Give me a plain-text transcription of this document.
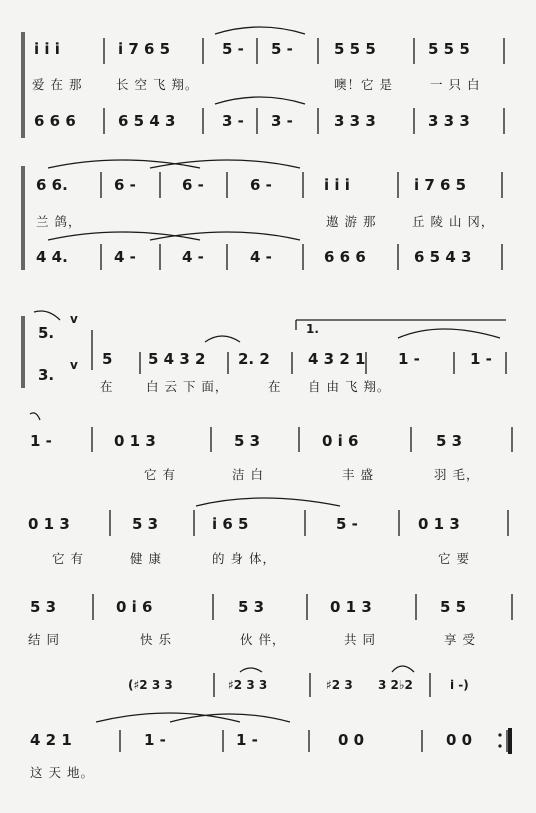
i̇ i̇ i̇	i̇ 7 6 5	5 - 5 -	5 5 5	5 5 5
爱 在 那	长 空 飞 翔。	噢！它 是	一 只 白
6 6 6	6 5 4 3	3 - 3 -	3 3 3	3 3 3
6 6.	6 -	6 -	6 -	i̇ i̇ i̇	i̇ 7 6 5
兰 鸽，	遨 游 那	丘 陵 山 冈，
4 4.	4 -	4 -	4 -	6 6 6	6 5 4 3
5.
3.
v
v
1.
5 5 4 3 2 2. 2	4 3 2 1 1 -	1 -
在	白 云 下 面，	在 自 由 飞 翔。
1 -	0 1 3	5 3	0 i̇ 6	5 3
它 有	洁 白	丰 盛	羽 毛，
0 1 3	5 3	i̇ 6 5	5 -	0 1 3
它 有	健 康	的 身 体，	它 要
5 3	0 i̇ 6	5 3	0 1 3	5 5
结 同	快 乐	伙 伴，	共 同	享 受
(♯2 3 3	♯2 3 3	♯2 3 3 2♭2	i̇ -)
4 2 1	1 -	1 -	0 0	0 0
这 天 地。
